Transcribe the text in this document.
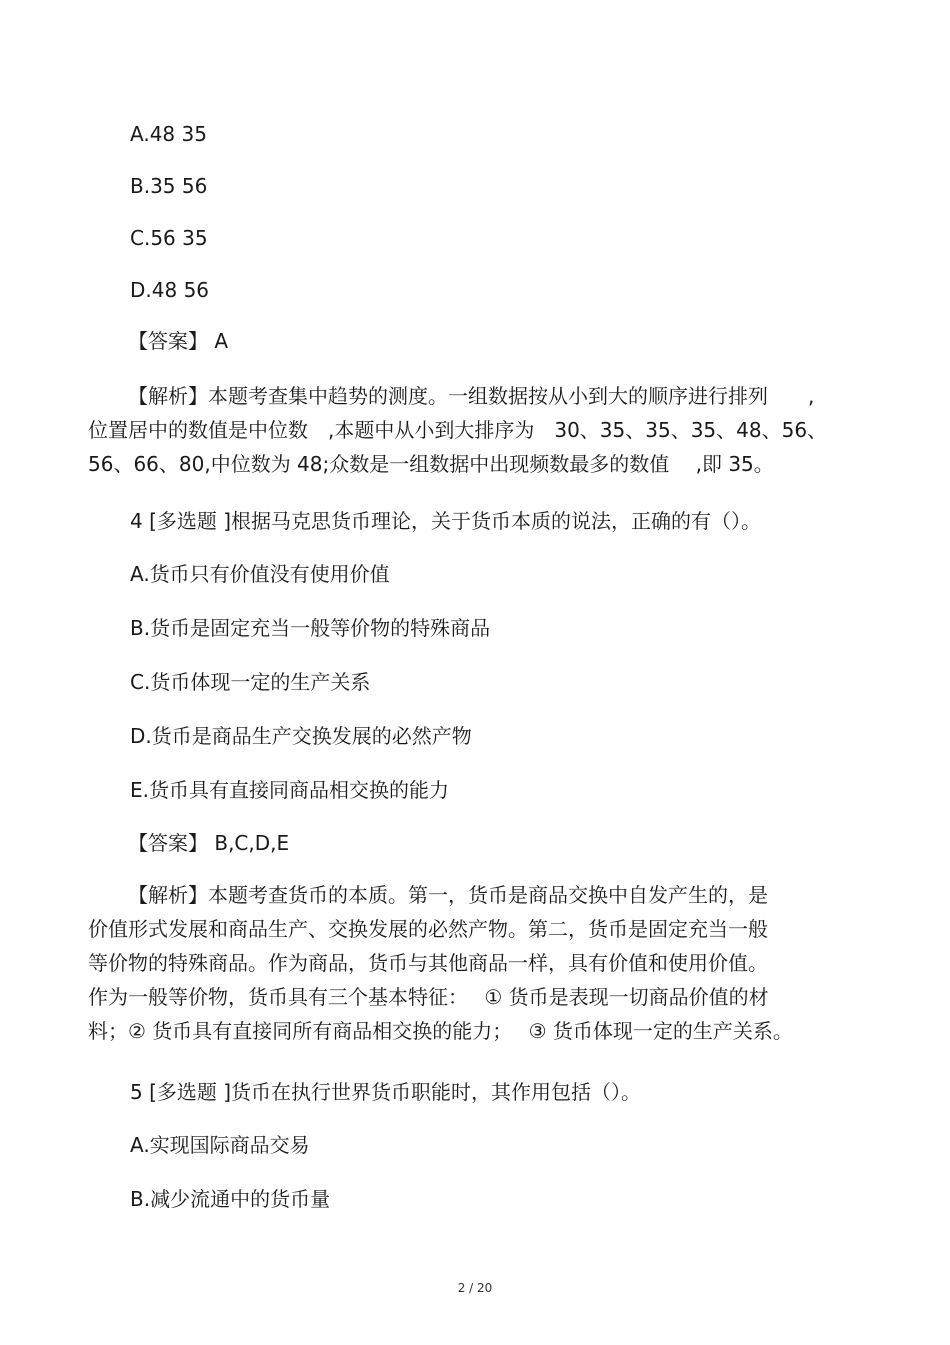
A.48 35
B.35 56
C.56 35
D.48 56
【答案】 A
【解析】本题考查集中趋势的测度。一组数据按从小到大的顺序进行排列　　,
位置居中的数值是中位数　,本题中从小到大排序为　30、35、35、35、48、56、
56、66、80,中位数为 48;众数是一组数据中出现频数最多的数值　 ,即 35。
4 [多选题 ]根据马克思货币理论，关于货币本质的说法，正确的有（）。
A.货币只有价值没有使用价值
B.货币是固定充当一般等价物的特殊商品
C.货币体现一定的生产关系
D.货币是商品生产交换发展的必然产物
E.货币具有直接同商品相交换的能力
【答案】 B,C,D,E
【解析】本题考查货币的本质。第一，货币是商品交换中自发产生的，是
价值形式发展和商品生产、交换发展的必然产物。第二，货币是固定充当一般
等价物的特殊商品。作为商品，货币与其他商品一样，具有价值和使用价值。
作为一般等价物，货币具有三个基本特征：　 ① 货币是表现一切商品价值的材
料；② 货币具有直接同所有商品相交换的能力；　 ③ 货币体现一定的生产关系。
5 [多选题 ]货币在执行世界货币职能时，其作用包括（）。
A.实现国际商品交易
B.减少流通中的货币量
2 / 20
